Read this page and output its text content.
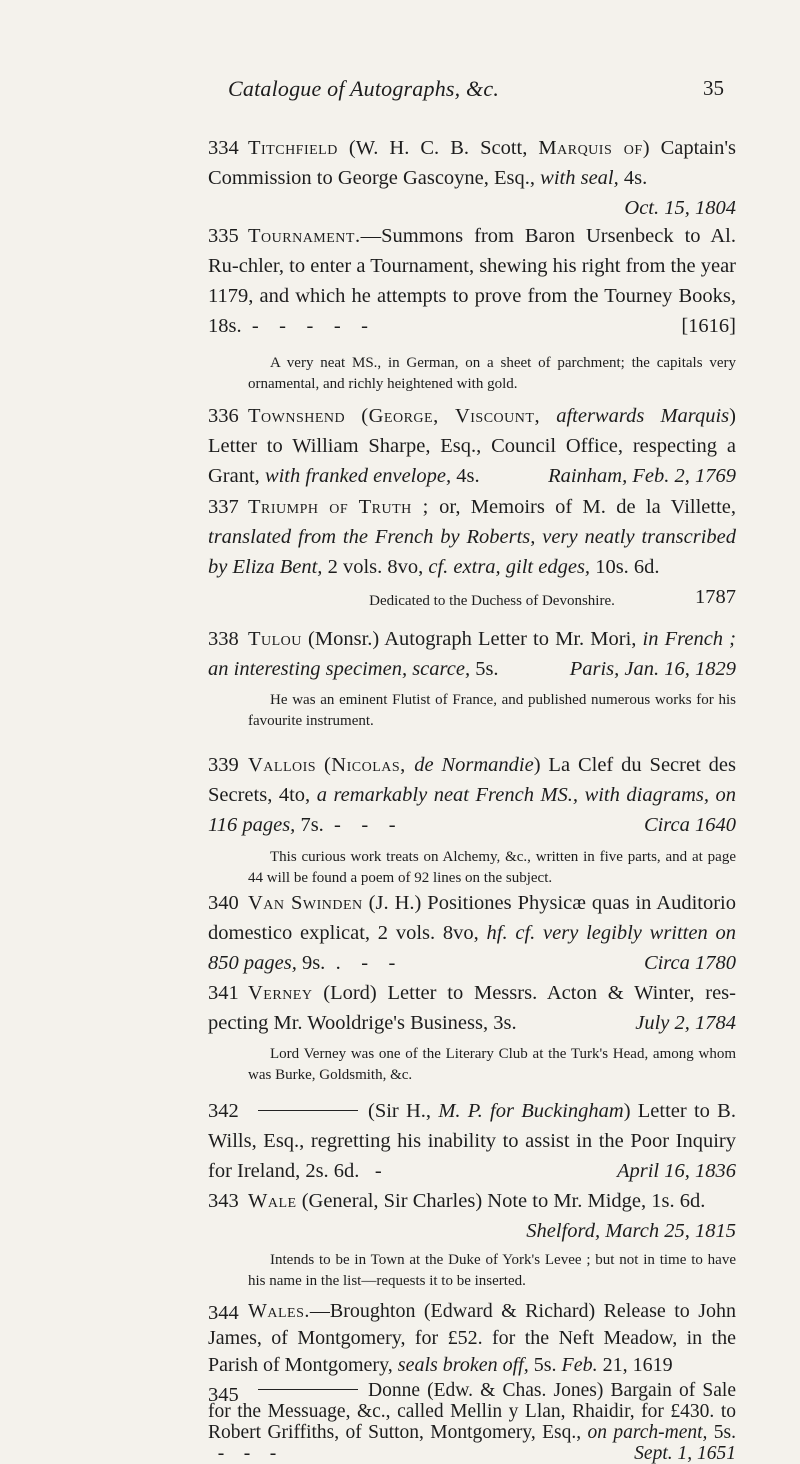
Catalogue of Autographs, &c.	35
334 Titchfield (W. H. C. B. Scott, Marquis of) Captain's Commission to George Gascoyne, Esq., with seal, 4s.
Oct. 15, 1804
335 Tournament.—Summons from Baron Ursenbeck to Al. Ru-chler, to enter a Tournament, shewing his right from the year 1179, and which he attempts to prove from the Tourney Books, 18s.  -    -    -    -    -	[1616]
A very neat MS., in German, on a sheet of parchment; the capitals very ornamental, and richly heightened with gold.
336 Townshend (George, Viscount, afterwards Marquis) Letter to William Sharpe, Esq., Council Office, respecting a Grant, with franked envelope, 4s.	Rainham, Feb. 2, 1769
337 Triumph of Truth ; or, Memoirs of M. de la Villette, translated from the French by Roberts, very neatly transcribed by Eliza Bent, 2 vols. 8vo, cf. extra, gilt edges, 10s. 6d.
1787
Dedicated to the Duchess of Devonshire.
338 Tulou (Monsr.) Autograph Letter to Mr. Mori, in French ; an interesting specimen, scarce, 5s.	Paris, Jan. 16, 1829
He was an eminent Flutist of France, and published numerous works for his favourite instrument.
339 Vallois (Nicolas, de Normandie) La Clef du Secret des Secrets, 4to, a remarkably neat French MS., with diagrams, on 116 pages, 7s.  -    -    -	Circa 1640
This curious work treats on Alchemy, &c., written in five parts, and at page 44 will be found a poem of 92 lines on the subject.
340 Van Swinden (J. H.) Positiones Physicæ quas in Auditorio domestico explicat, 2 vols. 8vo, hf. cf. very legibly written on 850 pages, 9s.  .    -    -	Circa 1780
341 Verney (Lord) Letter to Messrs. Acton & Winter, res-pecting Mr. Wooldrige's Business, 3s.	July 2, 1784
Lord Verney was one of the Literary Club at the Turk's Head, among whom was Burke, Goldsmith, &c.
342	(Sir H., M. P. for Buckingham) Letter to B. Wills, Esq., regretting his inability to assist in the Poor Inquiry for Ireland, 2s. 6d.   -	April 16, 1836
343 Wale (General, Sir Charles) Note to Mr. Midge, 1s. 6d.
Shelford, March 25, 1815
Intends to be in Town at the Duke of York's Levee ; but not in time to have his name in the list—requests it to be inserted.
344 Wales.—Broughton (Edward & Richard) Release to John James, of Montgomery, for £52. for the Neft Meadow, in the Parish of Montgomery, seals broken off, 5s. Feb. 21, 1619
345	Donne (Edw. & Chas. Jones) Bargain of Sale for the Messuage, &c., called Mellin y Llan, Rhaidir, for £430. to Robert Griffiths, of Sutton, Montgomery, Esq., on parch-ment, 5s.  -    -    -	Sept. 1, 1651
